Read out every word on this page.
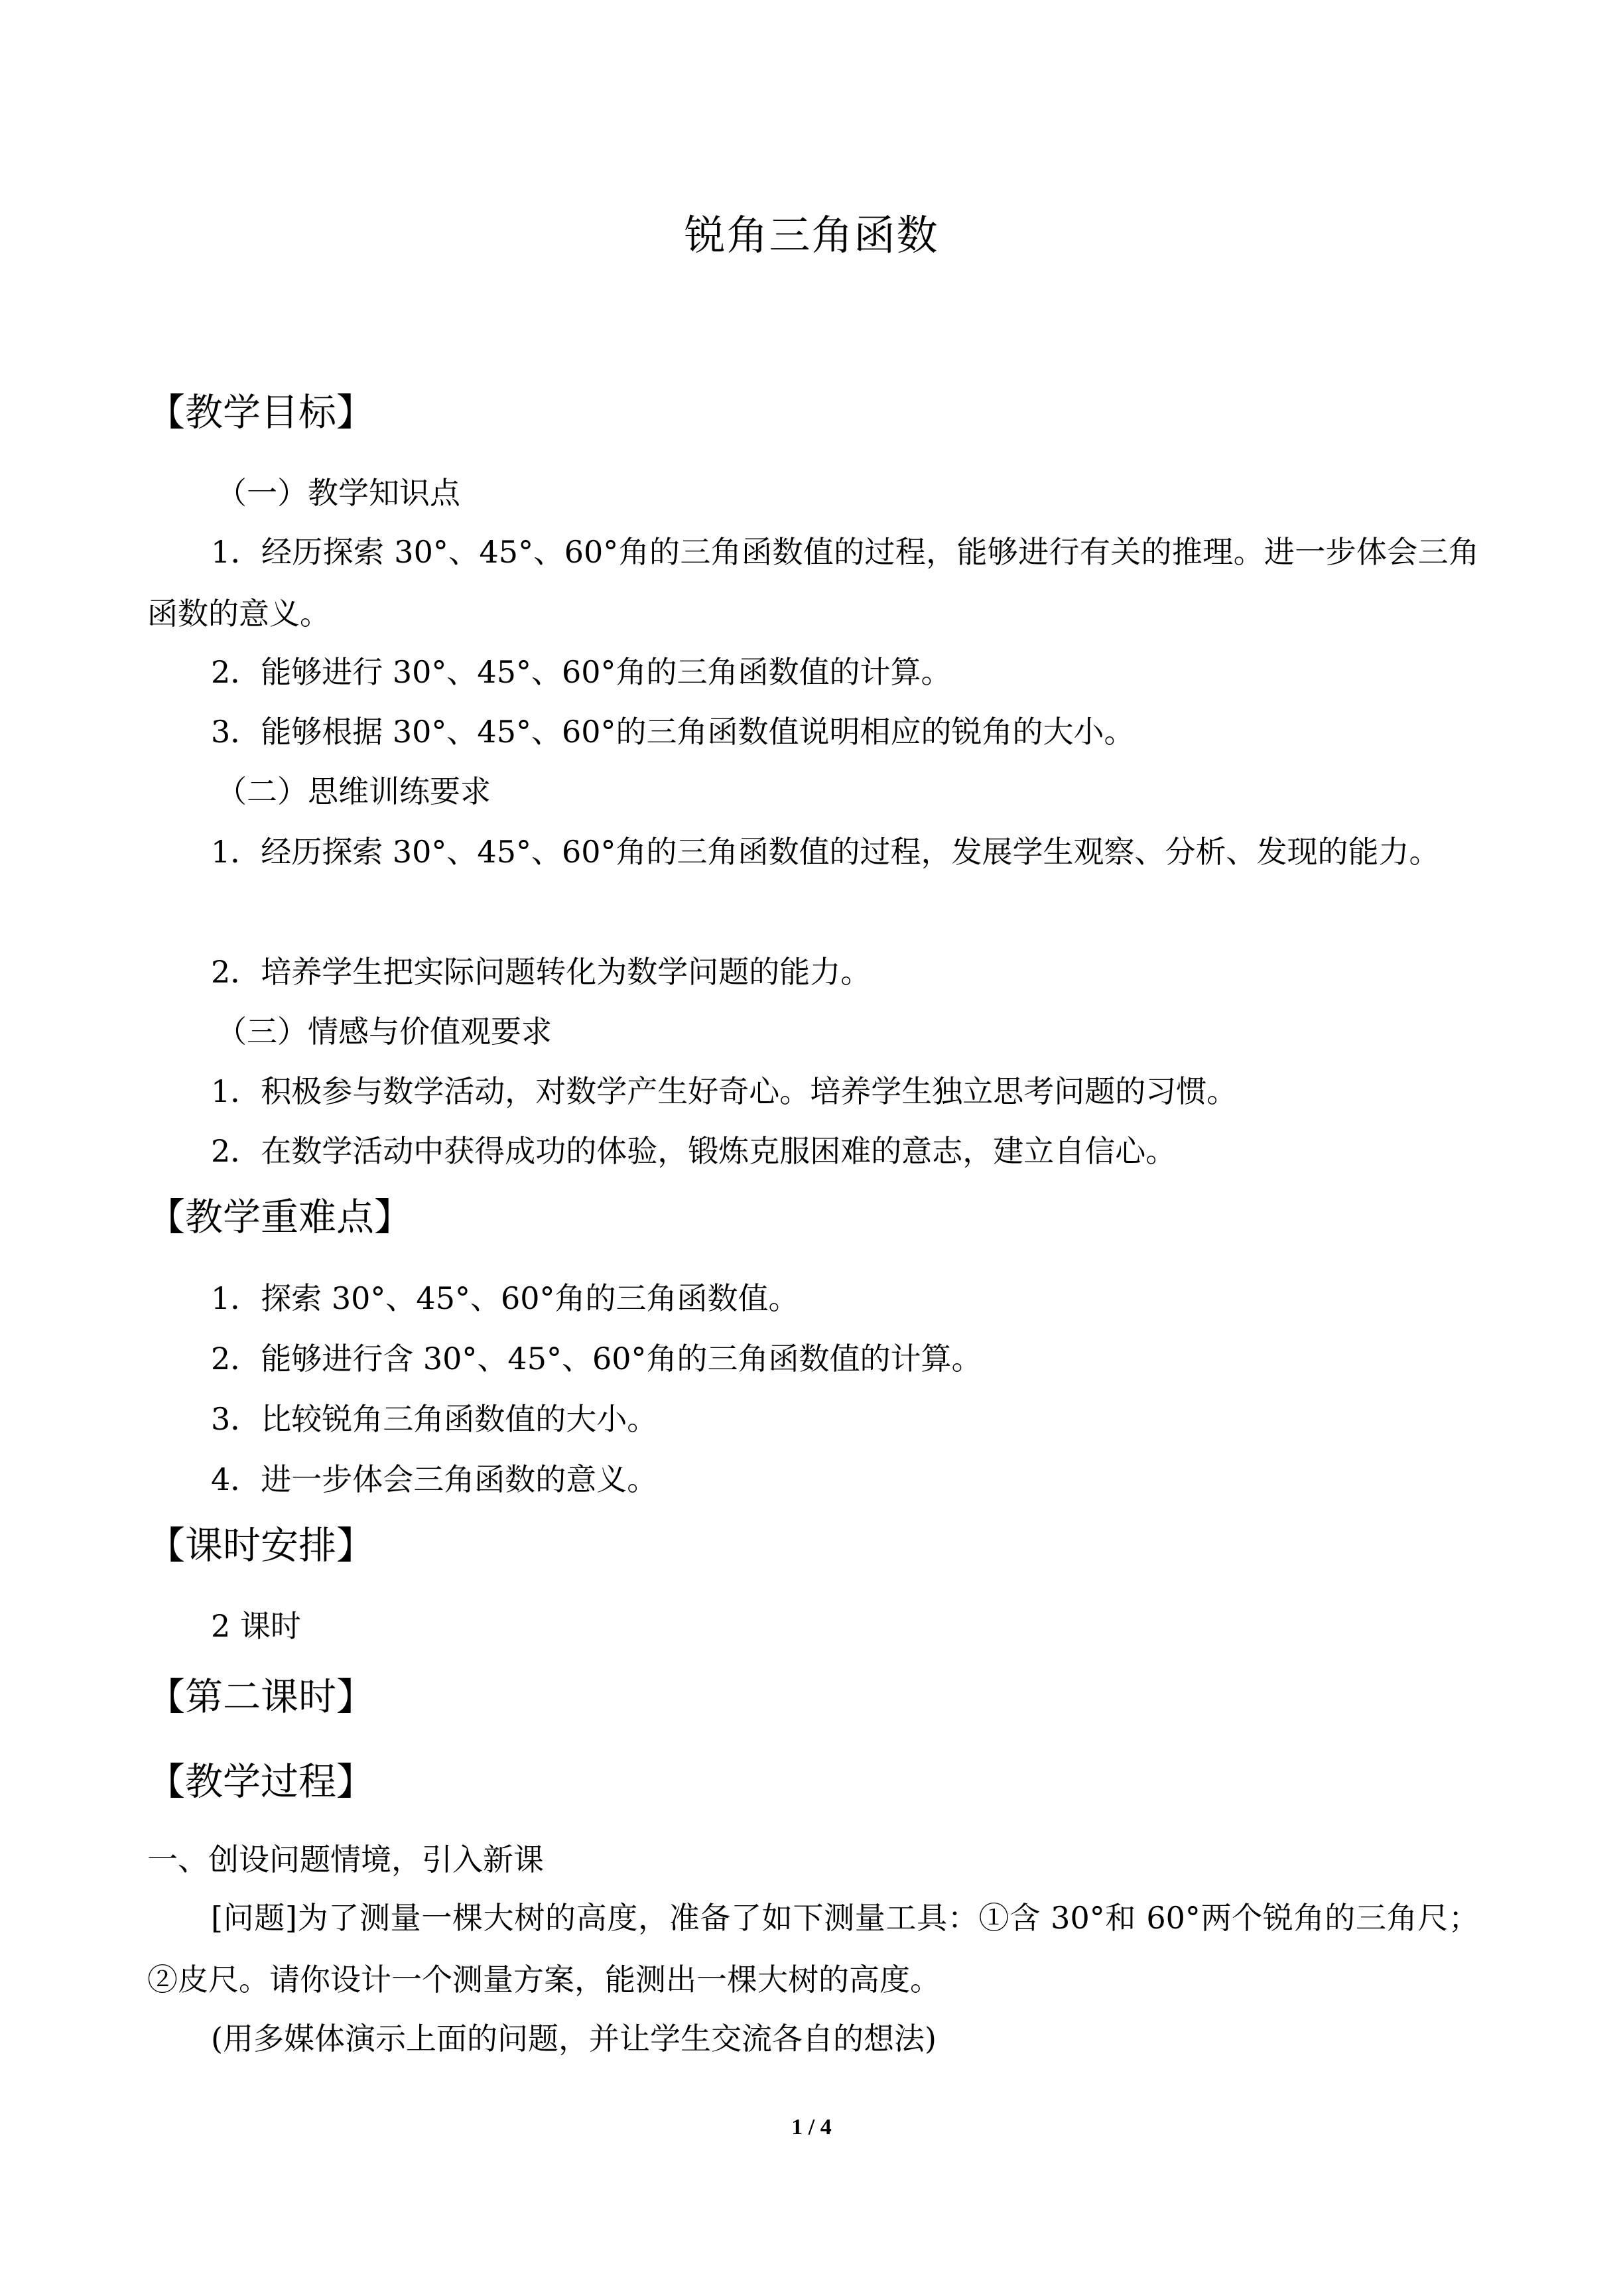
锐角三角函数
【教学目标】
（一）教学知识点
1．经历探索 30°、45°、60°角的三角函数值的过程，能够进行有关的推理。进一步体会三角函数的意义。
2．能够进行 30°、45°、60°角的三角函数值的计算。
3．能够根据 30°、45°、60°的三角函数值说明相应的锐角的大小。
（二）思维训练要求
1．经历探索 30°、45°、60°角的三角函数值的过程，发展学生观察、分析、发现的能力。
2．培养学生把实际问题转化为数学问题的能力。
（三）情感与价值观要求
1．积极参与数学活动，对数学产生好奇心。培养学生独立思考问题的习惯。
2．在数学活动中获得成功的体验，锻炼克服困难的意志，建立自信心。
【教学重难点】
1．探索 30°、45°、60°角的三角函数值。
2．能够进行含 30°、45°、60°角的三角函数值的计算。
3．比较锐角三角函数值的大小。
4．进一步体会三角函数的意义。
【课时安排】
2 课时
【第二课时】
【教学过程】
一、创设问题情境，引入新课
[问题]为了测量一棵大树的高度，准备了如下测量工具：①含 30°和 60°两个锐角的三角尺；②皮尺。请你设计一个测量方案，能测出一棵大树的高度。
(用多媒体演示上面的问题，并让学生交流各自的想法)
1 / 4
